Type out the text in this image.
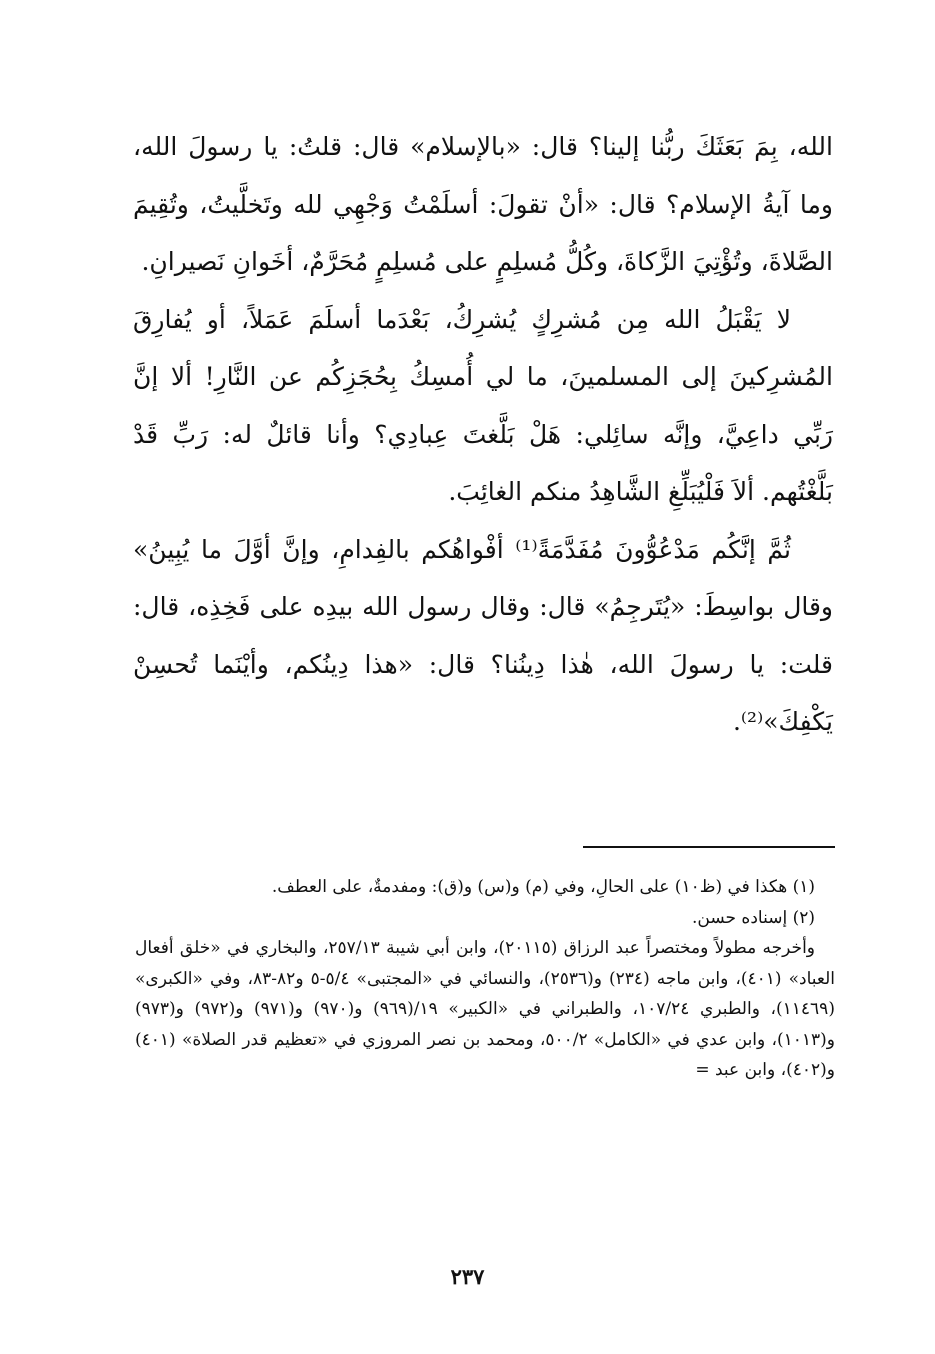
الله، بِمَ بَعَثَكَ ربُّنا إلينا؟ قال: «بالإسلام» قال: قلتُ: يا رسولَ الله، وما آيةُ الإسلام؟ قال: «أنْ تقولَ: أسلَمْتُ وَجْهِي لله وتَخلَّيتُ، وتُقِيمَ الصَّلاةَ، وتُؤْتِيَ الزَّكاةَ، وكُلُّ مُسلِمٍ على مُسلِمٍ مُحَرَّمٌ، أخَوانِ نَصيرانِ.

لا يَقْبَلُ الله مِن مُشرِكٍ يُشرِكُ، بَعْدَما أسلَمَ عَمَلاً، أو يُفارِقَ المُشرِكينَ إلى المسلمينَ، ما لي أُمسِكُ بِحُجَزِكُم عن النَّارِ! ألا إنَّ رَبِّي داعِيَّ، وإنَّه سائِلي: هَلْ بَلَّغتَ عِبادِي؟ وأنا قائلٌ له: رَبِّ قَدْ بَلَّغْتُهم. ألاَ فَلْيُبَلِّغِ الشَّاهِدُ منكم الغائِبَ.

ثُمَّ إنَّكُم مَدْعُوُّونَ مُفَدَّمَةً⁽¹⁾ أفْواهُكم بالفِدامِ، وإنَّ أوَّلَ ما يُبِينُ» وقال بواسِطَ: «يُتَرجِمُ» قال: وقال رسول الله بيدِه على فَخِذِه، قال: قلت: يا رسولَ الله، هٰذا دِينُنا؟ قال: «هذا دِينُكم، وأيْنَما تُحسِنْ يَكْفِكَ»⁽²⁾.

(١) هكذا في (ظ١٠) على الحالِ، وفي (م) و(س) و(ق): ومفدمةٌ، على العطف.

(٢) إسناده حسن.

وأخرجه مطولاً ومختصراً عبد الرزاق (٢٠١١٥)، وابن أبي شيبة ٢٥٧/١٣، والبخاري في «خلق أفعال العباد» (٤٠١)، وابن ماجه (٢٣٤) و(٢٥٣٦)، والنسائي في «المجتبى» ٥/٤-٥ و٨٢-٨٣، وفي «الكبرى» (١١٤٦٩)، والطبري ١٠٧/٢٤، والطبراني في «الكبير» ١٩/(٩٦٩) و(٩٧٠) و(٩٧١) و(٩٧٢) و(٩٧٣) و(١٠١٣)، وابن عدي في «الكامل» ٥٠٠/٢، ومحمد بن نصر المروزي في «تعظيم قدر الصلاة» (٤٠١) و(٤٠٢)، وابن عبد =

٢٣٧
